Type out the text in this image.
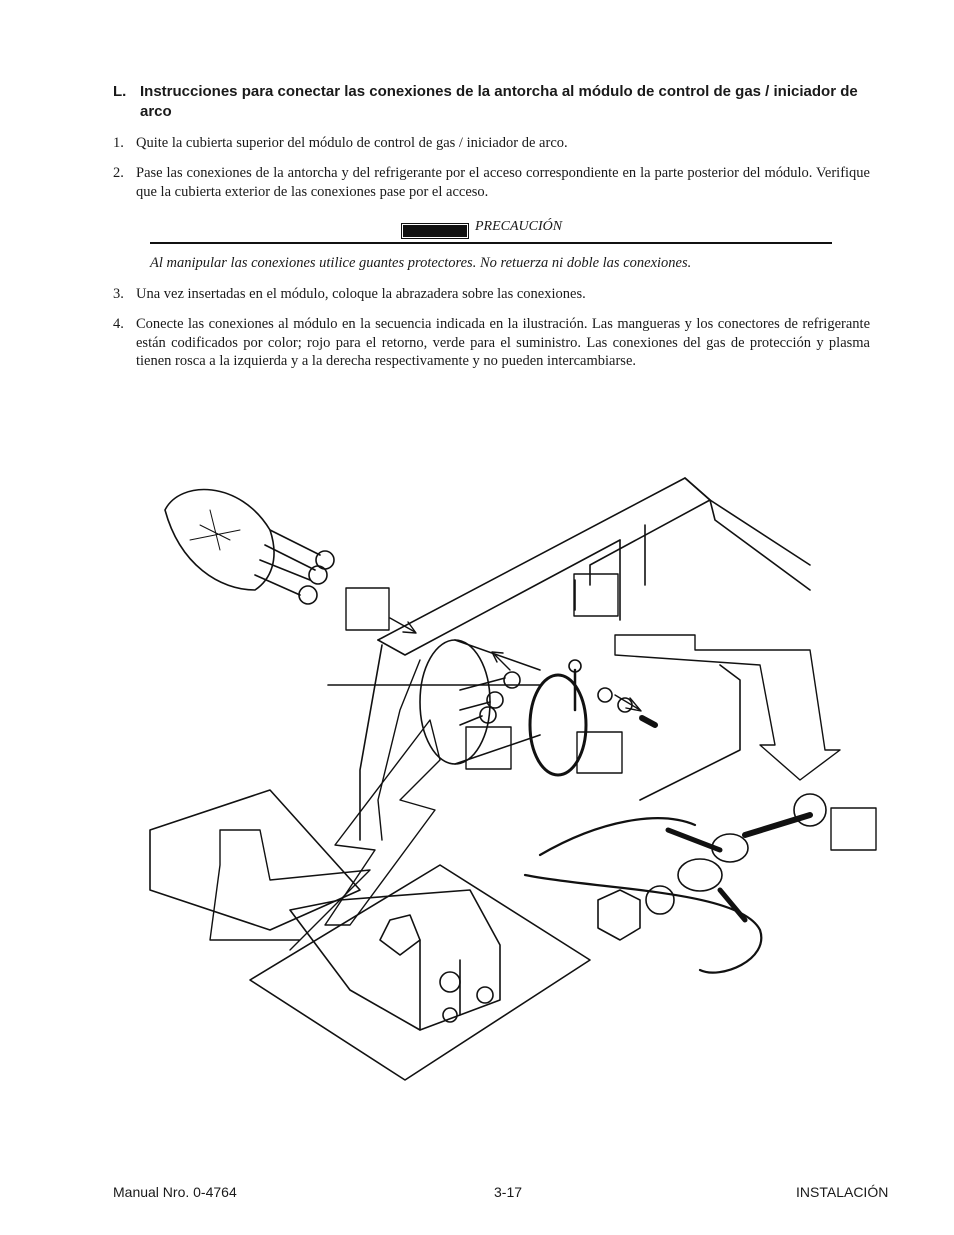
L. Instrucciones para conectar las conexiones de la antorcha al módulo de control de gas / iniciador de arco
1. Quite la cubierta superior del módulo de control de gas / iniciador de arco.
2. Pase las conexiones de la antorcha y del refrigerante por el acceso correspondiente en la parte posterior del módulo. Verifique que la cubierta exterior de las conexiones pase por el acceso.
PRECAUCIÓN
Al manipular las conexiones utilice guantes protectores. No retuerza ni doble las conexiones.
3. Una vez insertadas en el módulo, coloque la abrazadera sobre las conexiones.
4. Conecte las conexiones al módulo en la secuencia indicada en la ilustración. Las mangueras y los conectores de refrigerante están codificados por color; rojo para el retorno, verde para el suministro. Las conexiones del gas de protección y plasma tienen rosca a la izquierda y a la derecha respectivamente y no pueden intercambiarse.
Manual Nro. 0-4764	3-17	INSTALACIÓN
